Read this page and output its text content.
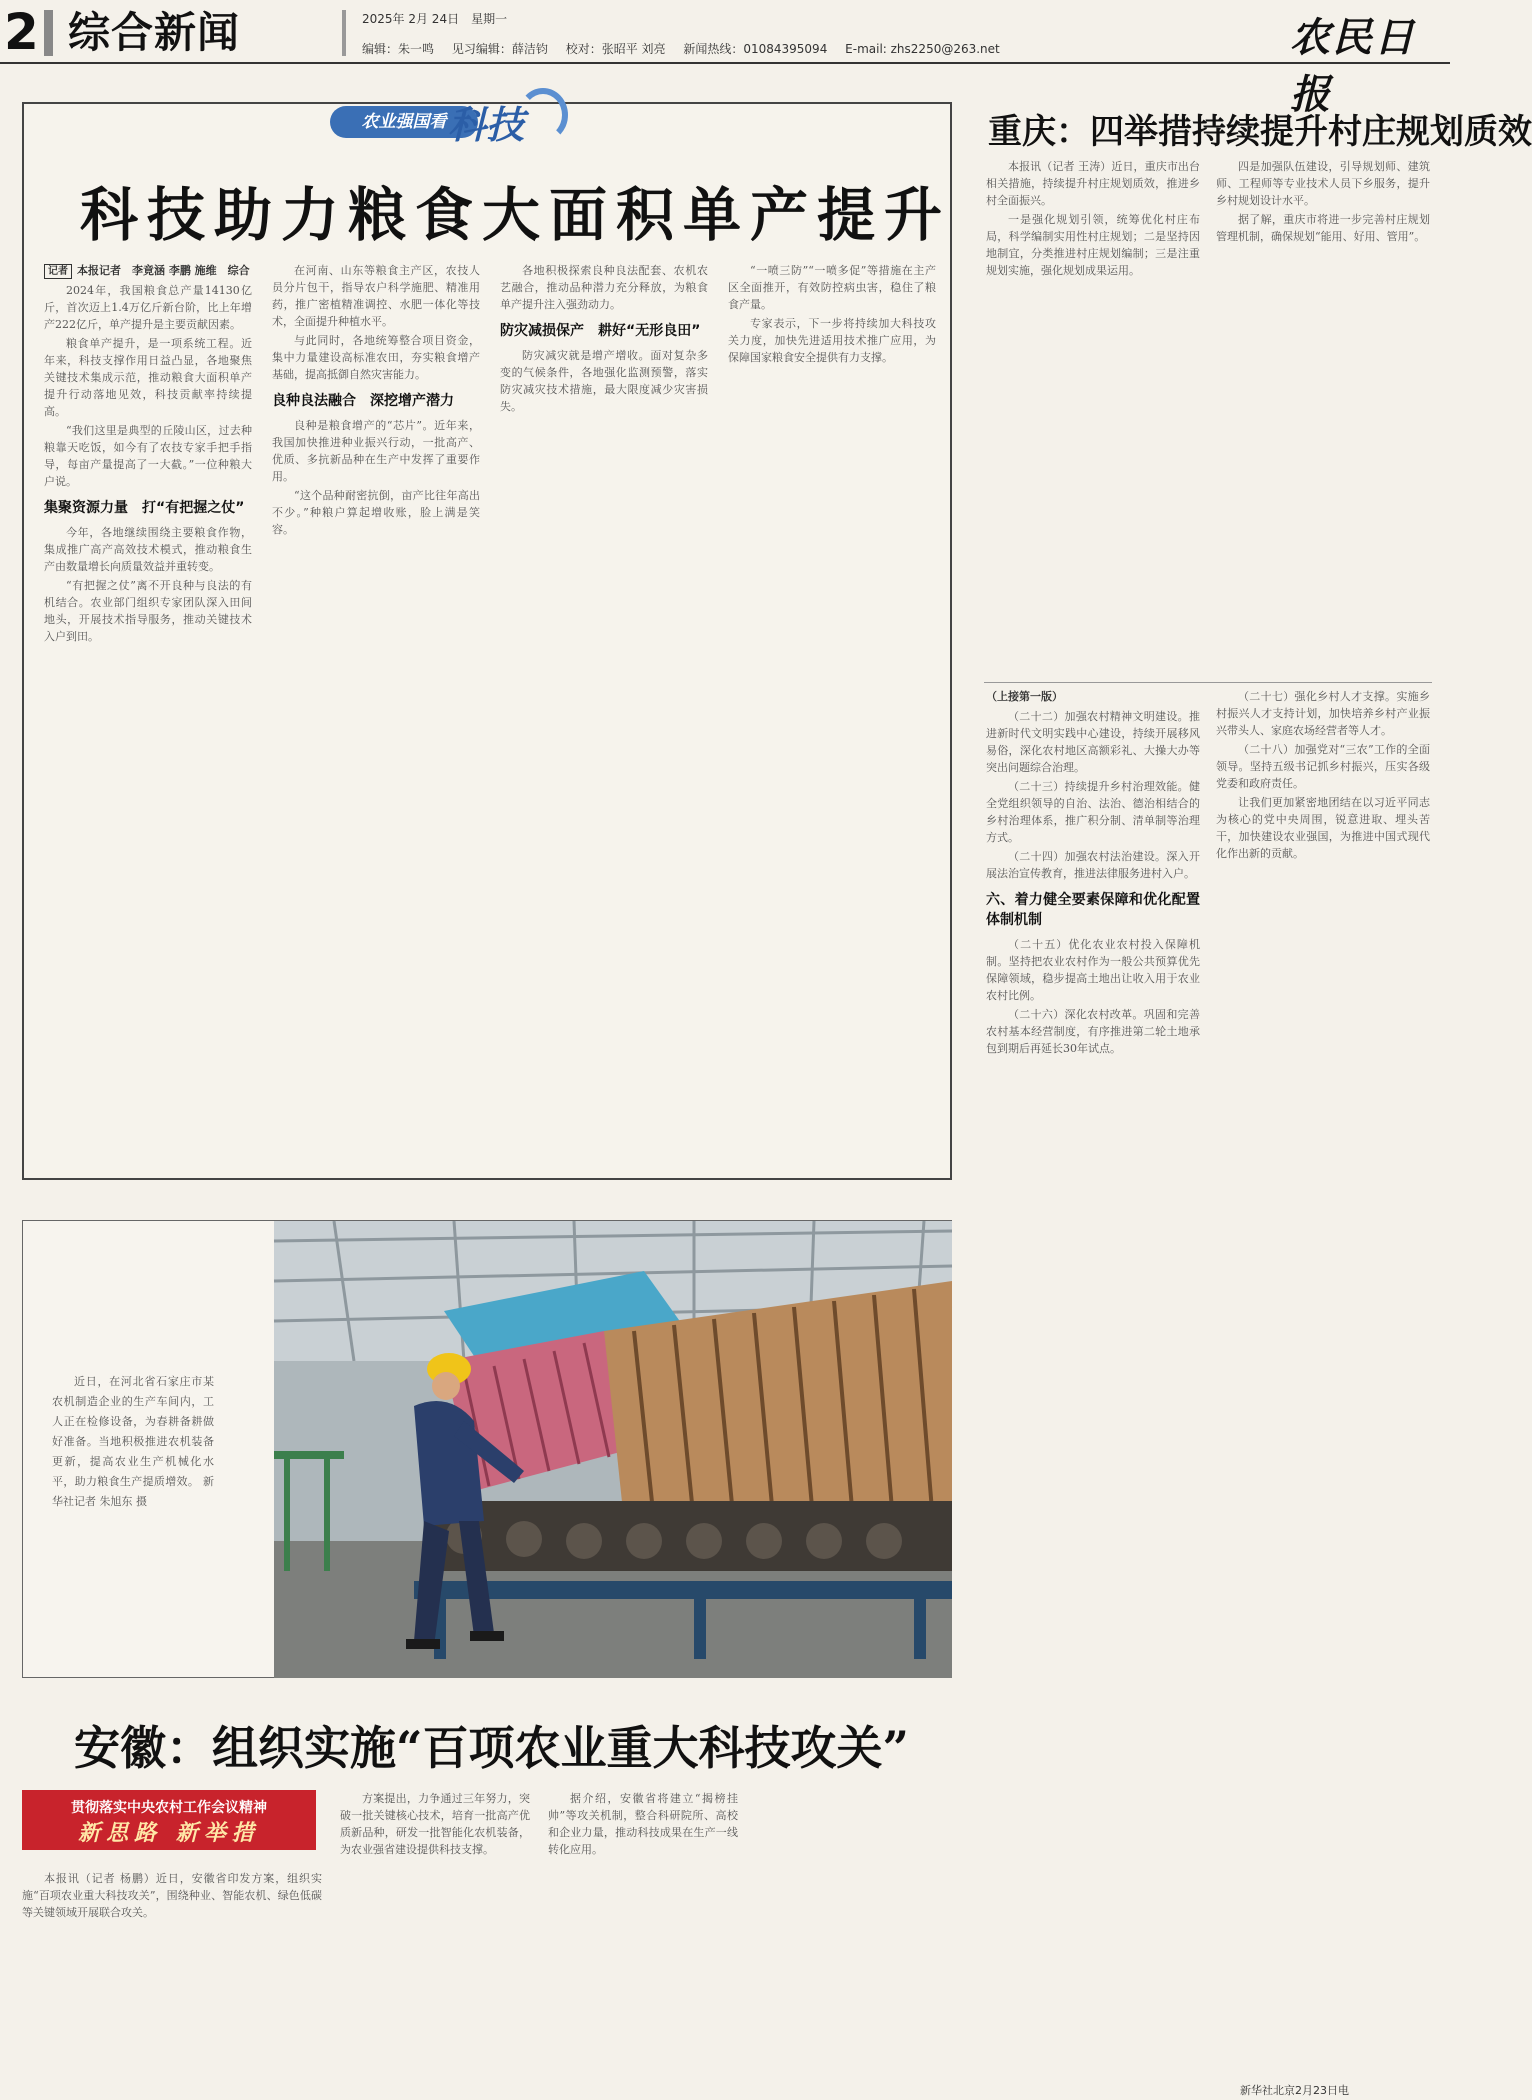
2 综合新闻	2025年 2月 24日　星期一
编辑：朱一鸣 见习编辑：薛洁钧 校对：张昭平 刘亮 新闻热线：01084395094 E-mail: zhs2250@263.net	农民日报
农业强国看 科技
科技助力粮食大面积单产提升
记者 本报记者　李竟涵 李鹏 施维　综合

2024年，我国粮食总产量14130亿斤，首次迈上1.4万亿斤新台阶，比上年增产222亿斤，单产提升是主要贡献因素。

粮食单产提升，是一项系统工程。近年来，科技支撑作用日益凸显，各地聚焦关键技术集成示范，推动粮食大面积单产提升行动落地见效，科技贡献率持续提高。

“我们这里是典型的丘陵山区，过去种粮靠天吃饭，如今有了农技专家手把手指导，每亩产量提高了一大截。”一位种粮大户说。

集聚资源力量　打“有把握之仗”

今年，各地继续围绕主要粮食作物，集成推广高产高效技术模式，推动粮食生产由数量增长向质量效益并重转变。

“有把握之仗”离不开良种与良法的有机结合。农业部门组织专家团队深入田间地头，开展技术指导服务，推动关键技术入户到田。

在河南、山东等粮食主产区，农技人员分片包干，指导农户科学施肥、精准用药，推广密植精准调控、水肥一体化等技术，全面提升种植水平。

与此同时，各地统筹整合项目资金，集中力量建设高标准农田，夯实粮食增产基础，提高抵御自然灾害能力。

良种良法融合　深挖增产潜力

良种是粮食增产的“芯片”。近年来，我国加快推进种业振兴行动，一批高产、优质、多抗新品种在生产中发挥了重要作用。

“这个品种耐密抗倒，亩产比往年高出不少。”种粮户算起增收账，脸上满是笑容。

各地积极探索良种良法配套、农机农艺融合，推动品种潜力充分释放，为粮食单产提升注入强劲动力。

防灾减损保产　耕好“无形良田”

防灾减灾就是增产增收。面对复杂多变的气候条件，各地强化监测预警，落实防灾减灾技术措施，最大限度减少灾害损失。

“一喷三防”“一喷多促”等措施在主产区全面推开，有效防控病虫害，稳住了粮食产量。

专家表示，下一步将持续加大科技攻关力度，加快先进适用技术推广应用，为保障国家粮食安全提供有力支撑。

重庆：四举措持续提升村庄规划质效

本报讯（记者 王涛）近日，重庆市出台相关措施，持续提升村庄规划质效，推进乡村全面振兴。

一是强化规划引领，统筹优化村庄布局，科学编制实用性村庄规划；二是坚持因地制宜，分类推进村庄规划编制；三是注重规划实施，强化规划成果运用。

四是加强队伍建设，引导规划师、建筑师、工程师等专业技术人员下乡服务，提升乡村规划设计水平。

据了解，重庆市将进一步完善村庄规划管理机制，确保规划“能用、好用、管用”。

（上接第一版）

（二十二）加强农村精神文明建设。推进新时代文明实践中心建设，持续开展移风易俗，深化农村地区高额彩礼、大操大办等突出问题综合治理。

（二十三）持续提升乡村治理效能。健全党组织领导的自治、法治、德治相结合的乡村治理体系，推广积分制、清单制等治理方式。

（二十四）加强农村法治建设。深入开展法治宣传教育，推进法律服务进村入户。

六、着力健全要素保障和优化配置体制机制

（二十五）优化农业农村投入保障机制。坚持把农业农村作为一般公共预算优先保障领域，稳步提高土地出让收入用于农业农村比例。

（二十六）深化农村改革。巩固和完善农村基本经营制度，有序推进第二轮土地承包到期后再延长30年试点。

（二十七）强化乡村人才支撑。实施乡村振兴人才支持计划，加快培养乡村产业振兴带头人、家庭农场经营者等人才。

（二十八）加强党对“三农”工作的全面领导。坚持五级书记抓乡村振兴，压实各级党委和政府责任。

让我们更加紧密地团结在以习近平同志为核心的党中央周围，锐意进取、埋头苦干，加快建设农业强国，为推进中国式现代化作出新的贡献。

新华社北京2月23日电
近日，在河北省石家庄市某农机制造企业的生产车间内，工人正在检修设备，为春耕备耕做好准备。当地积极推进农机装备更新，提高农业生产机械化水平，助力粮食生产提质增效。 新华社记者 朱旭东 摄
安徽：组织实施“百项农业重大科技攻关”
贯彻落实中央农村工作会议精神
新思路 新举措

本报讯（记者 杨鹏）近日，安徽省印发方案，组织实施“百项农业重大科技攻关”，围绕种业、智能农机、绿色低碳等关键领域开展联合攻关。

方案提出，力争通过三年努力，突破一批关键核心技术，培育一批高产优质新品种，研发一批智能化农机装备，为农业强省建设提供科技支撑。

据介绍，安徽省将建立“揭榜挂帅”等攻关机制，整合科研院所、高校和企业力量，推动科技成果在生产一线转化应用。
